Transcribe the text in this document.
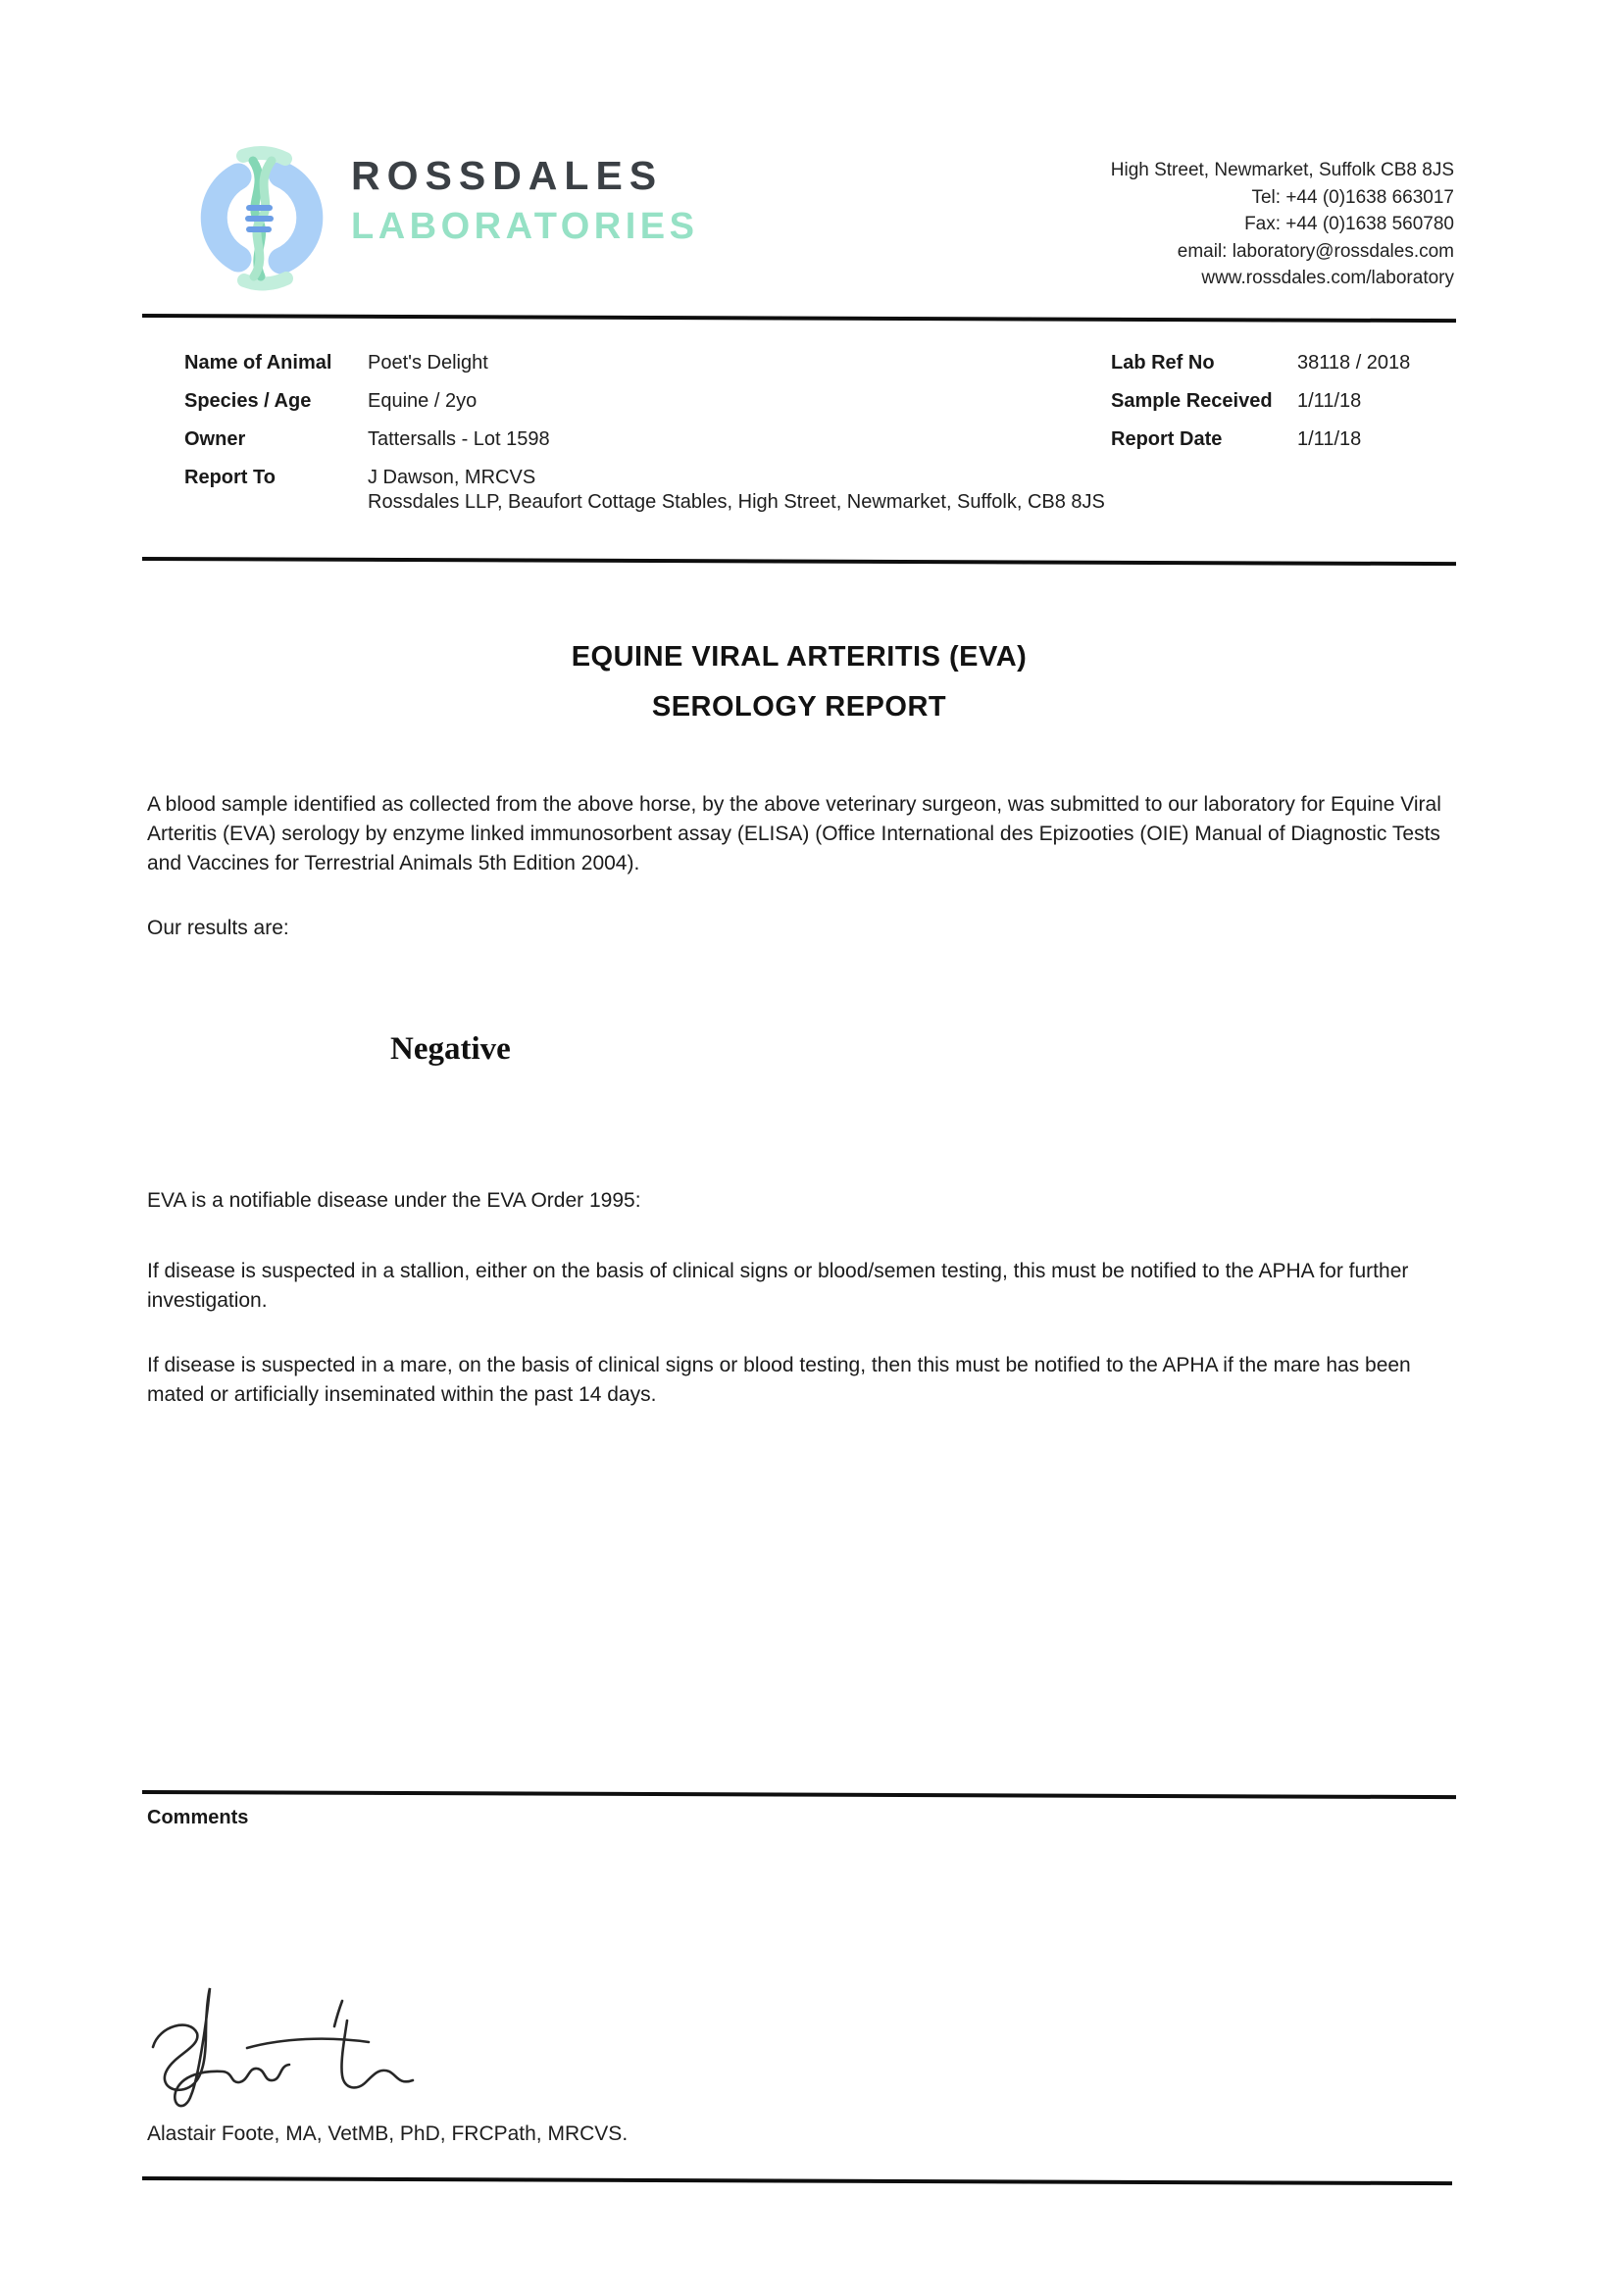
ROSSDALES
LABORATORIES
High Street, Newmarket, Suffolk CB8 8JS
Tel: +44 (0)1638 663017
Fax: +44 (0)1638 560780
email: laboratory@rossdales.com
www.rossdales.com/laboratory
Name of Animal	Poet's Delight
Species / Age	Equine / 2yo
Owner	Tattersalls - Lot 1598
Report To	J Dawson, MRCVS
Rossdales LLP, Beaufort Cottage Stables, High Street, Newmarket, Suffolk, CB8 8JS
Lab Ref No	38118 / 2018
Sample Received	1/11/18
Report Date	1/11/18
EQUINE VIRAL ARTERITIS (EVA)
SEROLOGY REPORT
A blood sample identified as collected from the above horse, by the above veterinary surgeon, was submitted to our laboratory for Equine Viral Arteritis (EVA) serology by enzyme linked immunosorbent assay (ELISA) (Office International des Epizooties (OIE) Manual of Diagnostic Tests and Vaccines for Terrestrial Animals 5th Edition 2004).
Our results are:
Negative
EVA is a notifiable disease under the EVA Order 1995:
If disease is suspected in a stallion, either on the basis of clinical signs or blood/semen testing, this must be notified to the APHA for further investigation.
If disease is suspected in a mare, on the basis of clinical signs or blood testing, then this must be notified to the APHA if the mare has been mated or artificially inseminated within the past 14 days.
Comments
Alastair Foote, MA, VetMB, PhD, FRCPath, MRCVS.
